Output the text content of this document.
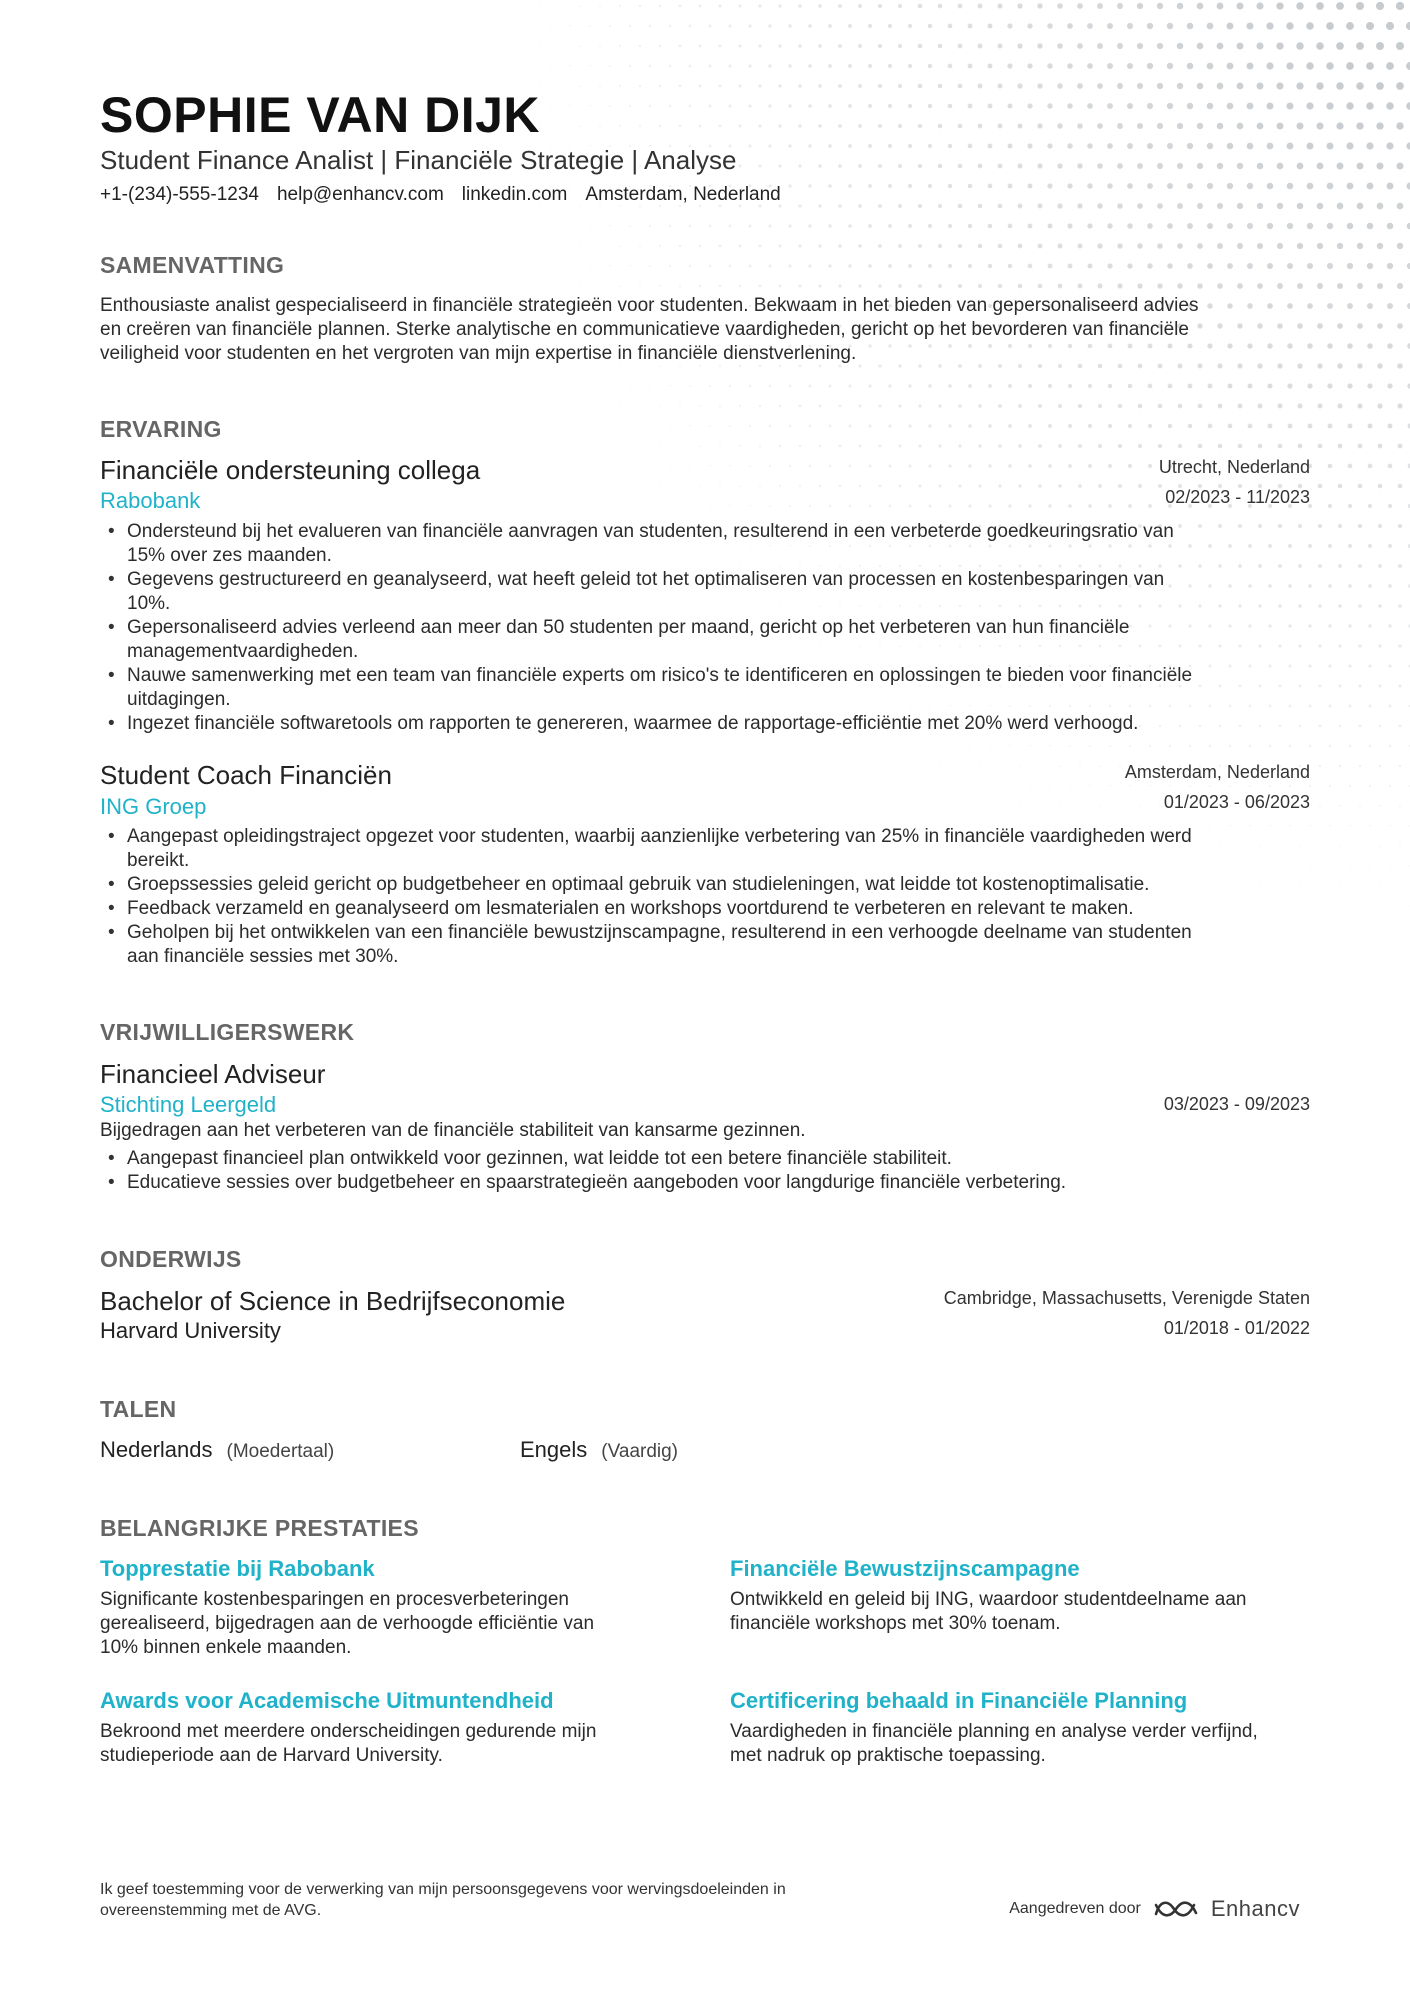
SOPHIE VAN DIJK
Student Finance Analist | Financiële Strategie | Analyse
+1-(234)-555-1234 help@enhancv.com linkedin.com Amsterdam, Nederland
SAMENVATTING
Enthousiaste analist gespecialiseerd in financiële strategieën voor studenten. Bekwaam in het bieden van gepersonaliseerd advies
en creëren van financiële plannen. Sterke analytische en communicatieve vaardigheden, gericht op het bevorderen van financiële
veiligheid voor studenten en het vergroten van mijn expertise in financiële dienstverlening.
ERVARING
Financiële ondersteuning collega	Utrecht, Nederland
Rabobank	02/2023 - 11/2023
• Ondersteund bij het evalueren van financiële aanvragen van studenten, resulterend in een verbeterde goedkeuringsratio van
15% over zes maanden.
• Gegevens gestructureerd en geanalyseerd, wat heeft geleid tot het optimaliseren van processen en kostenbesparingen van
10%.
• Gepersonaliseerd advies verleend aan meer dan 50 studenten per maand, gericht op het verbeteren van hun financiële
managementvaardigheden.
• Nauwe samenwerking met een team van financiële experts om risico's te identificeren en oplossingen te bieden voor financiële
uitdagingen.
• Ingezet financiële softwaretools om rapporten te genereren, waarmee de rapportage-efficiëntie met 20% werd verhoogd.
Student Coach Financiën	Amsterdam, Nederland
ING Groep	01/2023 - 06/2023
• Aangepast opleidingstraject opgezet voor studenten, waarbij aanzienlijke verbetering van 25% in financiële vaardigheden werd
bereikt.
• Groepssessies geleid gericht op budgetbeheer en optimaal gebruik van studieleningen, wat leidde tot kostenoptimalisatie.
• Feedback verzameld en geanalyseerd om lesmaterialen en workshops voortdurend te verbeteren en relevant te maken.
• Geholpen bij het ontwikkelen van een financiële bewustzijnscampagne, resulterend in een verhoogde deelname van studenten
aan financiële sessies met 30%.
VRIJWILLIGERSWERK
Financieel Adviseur
Stichting Leergeld	03/2023 - 09/2023
Bijgedragen aan het verbeteren van de financiële stabiliteit van kansarme gezinnen.
• Aangepast financieel plan ontwikkeld voor gezinnen, wat leidde tot een betere financiële stabiliteit.
• Educatieve sessies over budgetbeheer en spaarstrategieën aangeboden voor langdurige financiële verbetering.
ONDERWIJS
Bachelor of Science in Bedrijfseconomie	Cambridge, Massachusetts, Verenigde Staten
Harvard University	01/2018 - 01/2022
TALEN
Nederlands (Moedertaal)	Engels (Vaardig)
BELANGRIJKE PRESTATIES
Topprestatie bij Rabobank
Significante kostenbesparingen en procesverbeteringen
gerealiseerd, bijgedragen aan de verhoogde efficiëntie van
10% binnen enkele maanden.
Financiële Bewustzijnscampagne
Ontwikkeld en geleid bij ING, waardoor studentdeelname aan
financiële workshops met 30% toenam.
Awards voor Academische Uitmuntendheid
Bekroond met meerdere onderscheidingen gedurende mijn
studieperiode aan de Harvard University.
Certificering behaald in Financiële Planning
Vaardigheden in financiële planning en analyse verder verfijnd,
met nadruk op praktische toepassing.
Ik geef toestemming voor de verwerking van mijn persoonsgegevens voor wervingsdoeleinden in
overeenstemming met de AVG.	Aangedreven door	Enhancv
